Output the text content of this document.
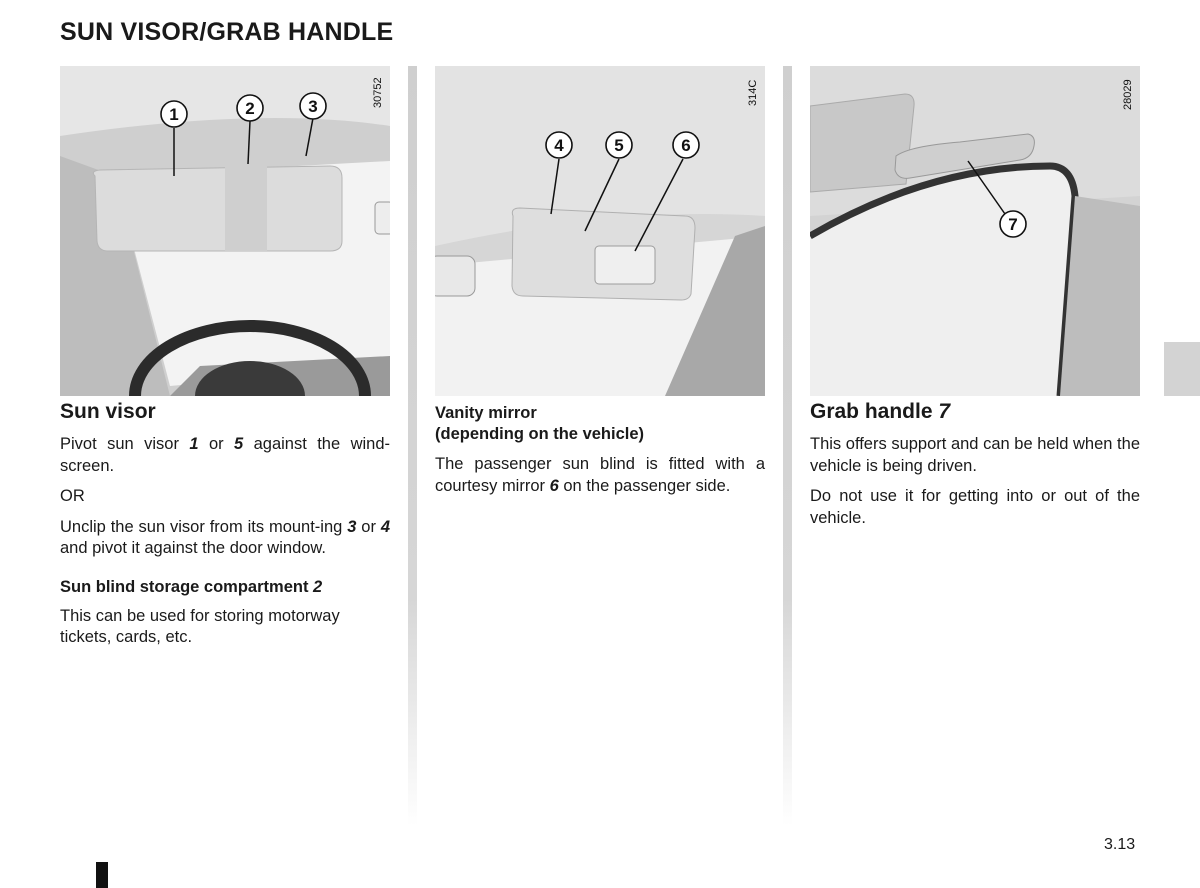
SUN VISOR/GRAB HANDLE
30752
1	2	3
314C
4	5	6
28029
7
Sun visor

Pivot sun visor 1 or 5 against the wind-screen.

OR

Unclip the sun visor from its mount-ing 3 or 4 and pivot it against the door window.

Sun blind storage compartment 2

This can be used for storing motorway tickets, cards, etc.

Vanity mirror
(depending on the vehicle)

The passenger sun blind is fitted with a courtesy mirror 6 on the passenger side.

Grab handle 7

This offers support and can be held when the vehicle is being driven.

Do not use it for getting into or out of the vehicle.

3.13
